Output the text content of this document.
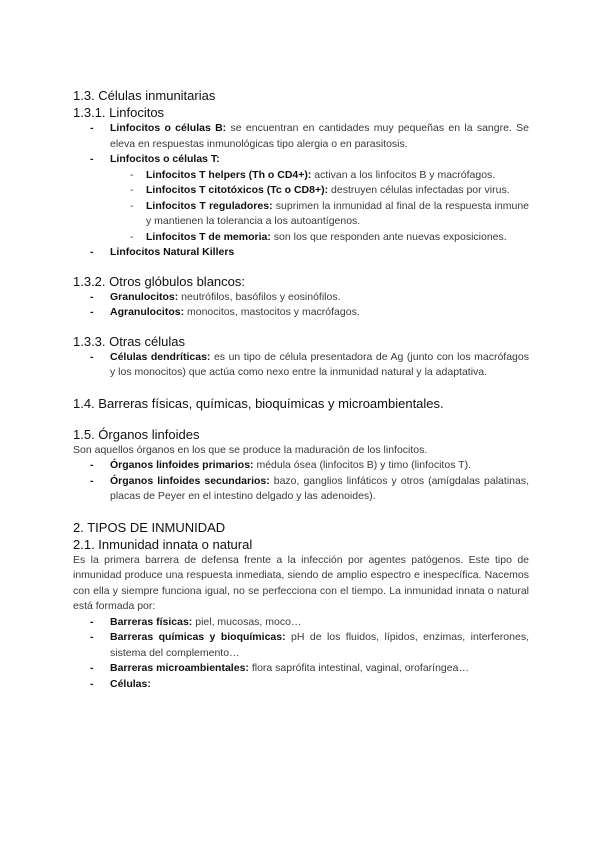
1.3. Células inmunitarias

1.3.1. Linfocitos

- Linfocitos o células B: se encuentran en cantidades muy pequeñas en la sangre. Se eleva en respuestas inmunológicas tipo alergia o en parasitosis.
- Linfocitos o células T:
- Linfocitos T helpers (Th o CD4+): activan a los linfocitos B y macrófagos.
- Linfocitos T citotóxicos (Tc o CD8+): destruyen células infectadas por virus.
- Linfocitos T reguladores: suprimen la inmunidad al final de la respuesta inmune y mantienen la tolerancia a los autoantígenos.
- Linfocitos T de memoria: son los que responden ante nuevas exposiciones.
- Linfocitos Natural Killers

1.3.2. Otros glóbulos blancos:

- Granulocitos: neutrófilos, basófilos y eosinófilos.
- Agranulocitos: monocitos, mastocitos y macrófagos.

1.3.3. Otras células

- Células dendríticas: es un tipo de célula presentadora de Ag (junto con los macrófagos y los monocitos) que actúa como nexo entre la inmunidad natural y la adaptativa.

1.4. Barreras físicas, químicas, bioquímicas y microambientales.

1.5. Órganos linfoides

Son aquellos órganos en los que se produce la maduración de los linfocitos.

- Órganos linfoides primarios: médula ósea (linfocitos B) y timo (linfocitos T).
- Órganos linfoides secundarios: bazo, ganglios linfáticos y otros (amígdalas palatinas, placas de Peyer en el intestino delgado y las adenoides).

2. TIPOS DE INMUNIDAD

2.1. Inmunidad innata o natural

Es la primera barrera de defensa frente a la infección por agentes patógenos. Este tipo de inmunidad produce una respuesta inmediata, siendo de amplio espectro e inespecífica. Nacemos con ella y siempre funciona igual, no se perfecciona con el tiempo. La inmunidad innata o natural está formada por:

- Barreras físicas: piel, mucosas, moco…
- Barreras químicas y bioquímicas: pH de los fluidos, lípidos, enzimas, interferones, sistema del complemento…
- Barreras microambientales: flora saprófita intestinal, vaginal, orofaríngea…
- Células:
